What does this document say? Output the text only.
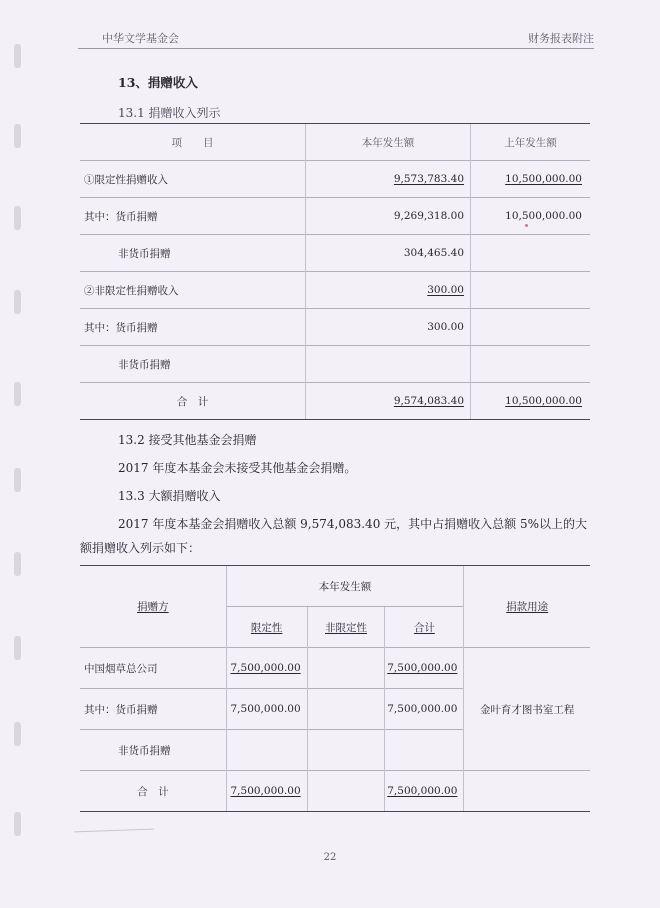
中华文学基金会	财务报表附注
13、捐赠收入
13.1 捐赠收入列示
项　　目	本年发生额	上年发生额
①限定性捐赠收入	9,573,783.40	10,500,000.00
其中：货币捐赠	9,269,318.00	10,500,000.00
非货币捐赠	304,465.40	
②非限定性捐赠收入	300.00	
其中：货币捐赠	300.00	
非货币捐赠		
合　计	9,574,083.40	10,500,000.00
13.2 接受其他基金会捐赠
2017 年度本基金会未接受其他基金会捐赠。
13.3 大额捐赠收入
2017 年度本基金会捐赠收入总额 9,574,083.40 元，其中占捐赠收入总额 5%以上的大
额捐赠收入列示如下：
捐赠方	本年发生额			捐款用途
	限定性	非限定性	合计	
中国烟草总公司	7,500,000.00		7,500,000.00	金叶育才图书室工程
其中：货币捐赠	7,500,000.00		7,500,000.00	
非货币捐赠				
合　计	7,500,000.00		7,500,000.00	
22
